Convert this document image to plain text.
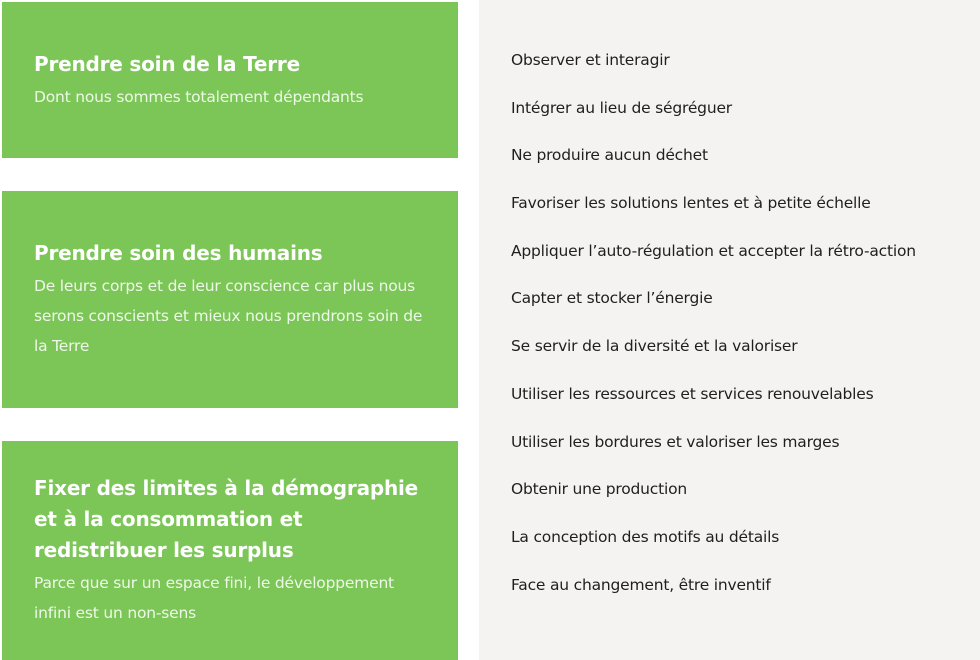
Prendre soin de la Terre

Dont nous sommes totalement dépendants

Prendre soin des humains

De leurs corps et de leur conscience car plus nous serons conscients et mieux nous prendrons soin de la Terre

Fixer des limites à la démographie et à la consommation et redistribuer les surplus

Parce que sur un espace fini, le développement infini est un non-sens

Observer et interagir
Intégrer au lieu de ségréguer
Ne produire aucun déchet
Favoriser les solutions lentes et à petite échelle
Appliquer l’auto-régulation et accepter la rétro-action
Capter et stocker l’énergie
Se servir de la diversité et la valoriser
Utiliser les ressources et services renouvelables
Utiliser les bordures et valoriser les marges
Obtenir une production
La conception des motifs au détails
Face au changement, être inventif
